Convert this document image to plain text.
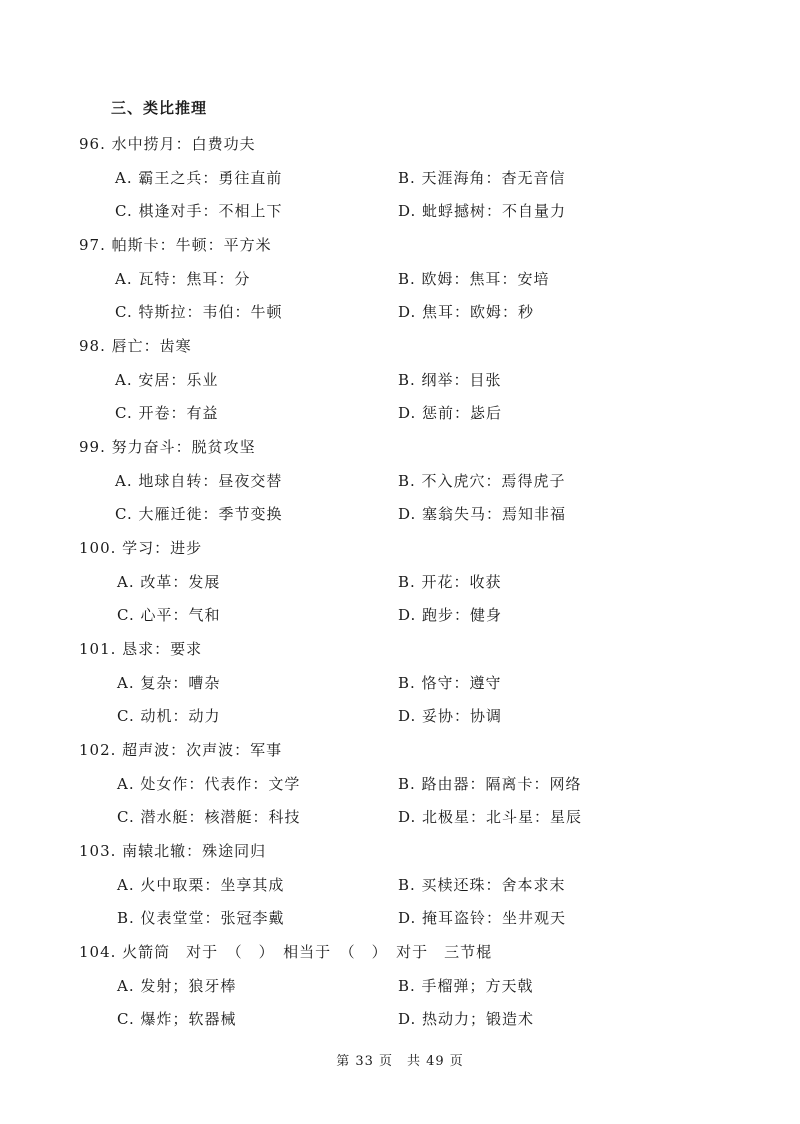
三、类比推理
96. 水中捞月：白费功夫
A. 霸王之兵：勇往直前	B. 天涯海角：杳无音信
C. 棋逢对手：不相上下	D. 蚍蜉撼树：不自量力
97. 帕斯卡：牛顿：平方米
A. 瓦特：焦耳：分	B. 欧姆：焦耳：安培
C. 特斯拉：韦伯：牛顿	D. 焦耳：欧姆：秒
98. 唇亡：齿寒
A. 安居：乐业	B. 纲举：目张
C. 开卷：有益	D. 惩前：毖后
99. 努力奋斗：脱贫攻坚
A. 地球自转：昼夜交替	B. 不入虎穴：焉得虎子
C. 大雁迁徙：季节变换	D. 塞翁失马：焉知非福
100. 学习：进步
A. 改革：发展	B. 开花：收获
C. 心平：气和	D. 跑步：健身
101. 恳求：要求
A. 复杂：嘈杂	B. 恪守：遵守
C. 动机：动力	D. 妥协：协调
102. 超声波：次声波：军事
A. 处女作：代表作：文学	B. 路由器：隔离卡：网络
C. 潜水艇：核潜艇：科技	D. 北极星：北斗星：星辰
103. 南辕北辙：殊途同归
A. 火中取栗：坐享其成	B. 买椟还珠：舍本求末
B. 仪表堂堂：张冠李戴	D. 掩耳盗铃：坐井观天
104. 火箭筒　对于　（　）　相当于　（　）　对于　三节棍
A. 发射；狼牙棒	B. 手榴弹；方天戟
C. 爆炸；软器械	D. 热动力；锻造术
第 33 页　共 49 页
